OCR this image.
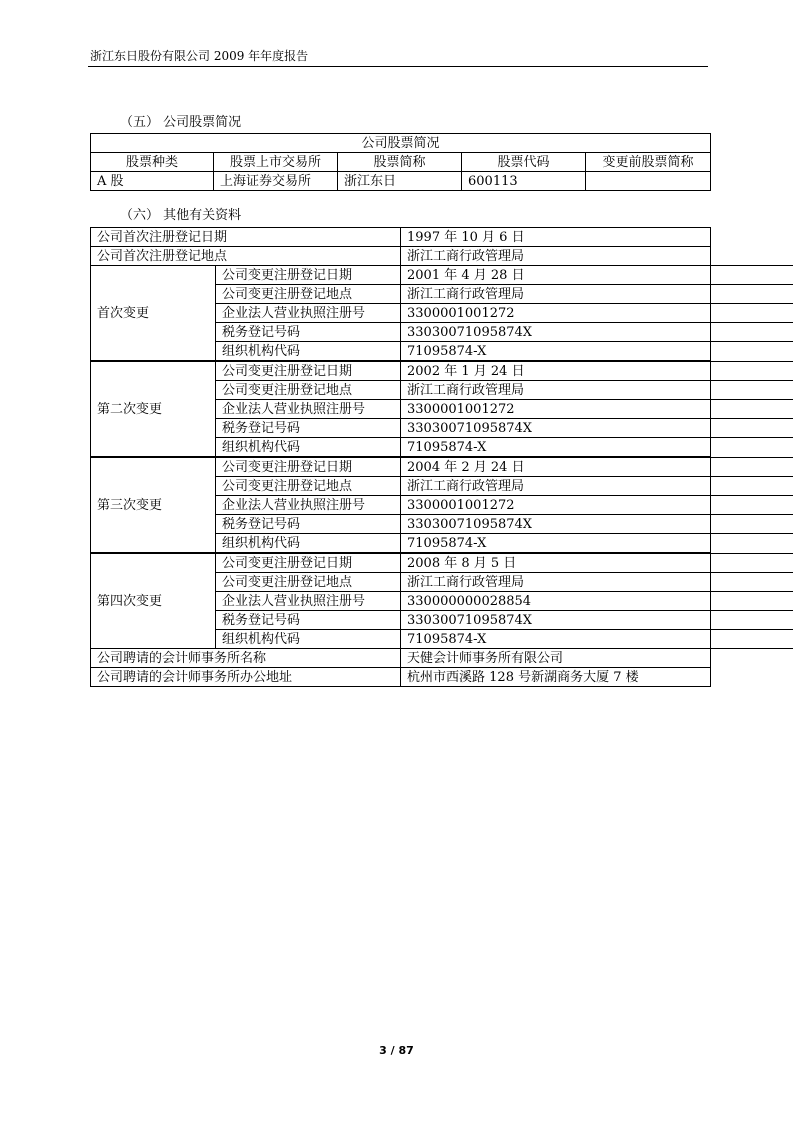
浙江东日股份有限公司 2009 年年度报告
（五） 公司股票简况
公司股票简况				
股票种类	股票上市交易所	股票简称	股票代码	变更前股票简称
A 股	上海证券交易所	浙江东日	600113	
（六） 其他有关资料
公司首次注册登记日期		1997 年 10 月 6 日
公司首次注册登记地点		浙江工商行政管理局
首次变更	公司变更注册登记日期	2001 年 4 月 28 日
	公司变更注册登记地点	浙江工商行政管理局
	企业法人营业执照注册号	3300001001272
	税务登记号码	33030071095874X
	组织机构代码	71095874-X
第二次变更	公司变更注册登记日期	2002 年 1 月 24 日
	公司变更注册登记地点	浙江工商行政管理局
	企业法人营业执照注册号	3300001001272
	税务登记号码	33030071095874X
	组织机构代码	71095874-X
第三次变更	公司变更注册登记日期	2004 年 2 月 24 日
	公司变更注册登记地点	浙江工商行政管理局
	企业法人营业执照注册号	3300001001272
	税务登记号码	33030071095874X
	组织机构代码	71095874-X
第四次变更	公司变更注册登记日期	2008 年 8 月 5 日
	公司变更注册登记地点	浙江工商行政管理局
	企业法人营业执照注册号	330000000028854
	税务登记号码	33030071095874X
	组织机构代码	71095874-X
公司聘请的会计师事务所名称		天健会计师事务所有限公司
公司聘请的会计师事务所办公地址		杭州市西溪路 128 号新湖商务大厦 7 楼
3 / 87
